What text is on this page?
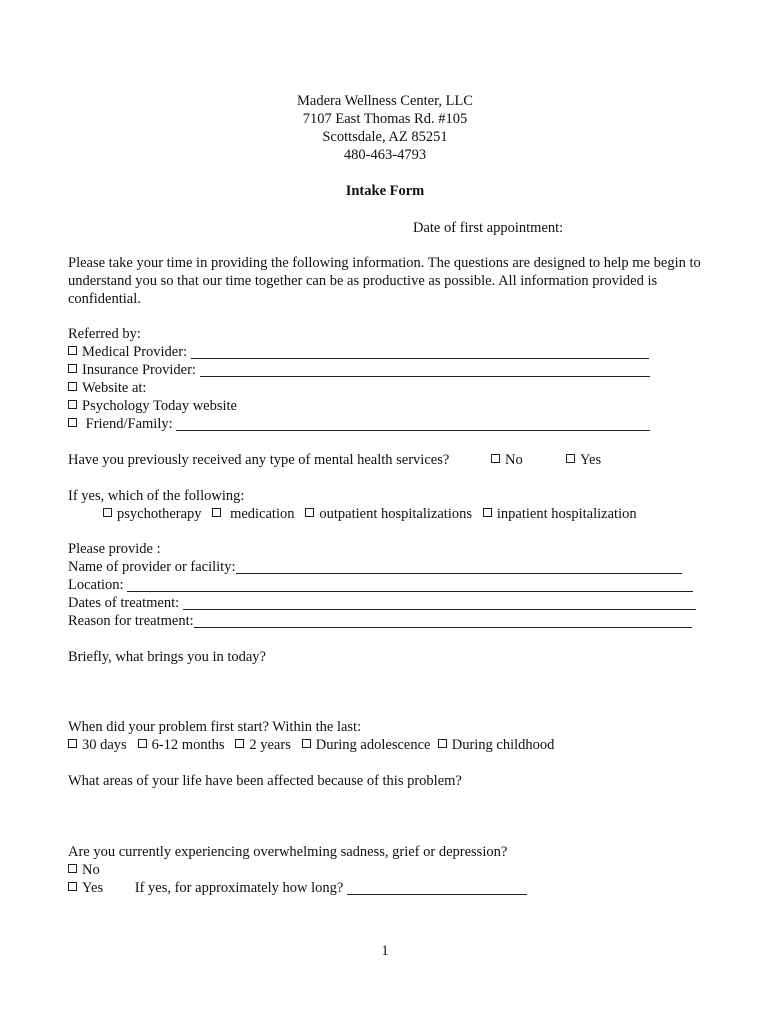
Madera Wellness Center, LLC
7107 East Thomas Rd. #105
Scottsdale, AZ 85251
480-463-4793
Intake Form
Date of first appointment:
Please take your time in providing the following information. The questions are designed to help me begin to understand you so that our time together can be as productive as possible. All information provided is confidential.
Referred by:
Medical Provider:
Insurance Provider:
Website at:
Psychology Today website
Friend/Family:
Have you previously received any type of mental health services?	No	Yes
If yes, which of the following:
psychotherapy medication outpatient hospitalizations inpatient hospitalization
Please provide :
Name of provider or facility:
Location:
Dates of treatment:
Reason for treatment:
Briefly, what brings you in today?
When did your problem first start? Within the last:
30 days 6-12 months 2 years During adolescence During childhood
What areas of your life have been affected because of this problem?
Are you currently experiencing overwhelming sadness, grief or depression?
No
Yes If yes, for approximately how long?
1
